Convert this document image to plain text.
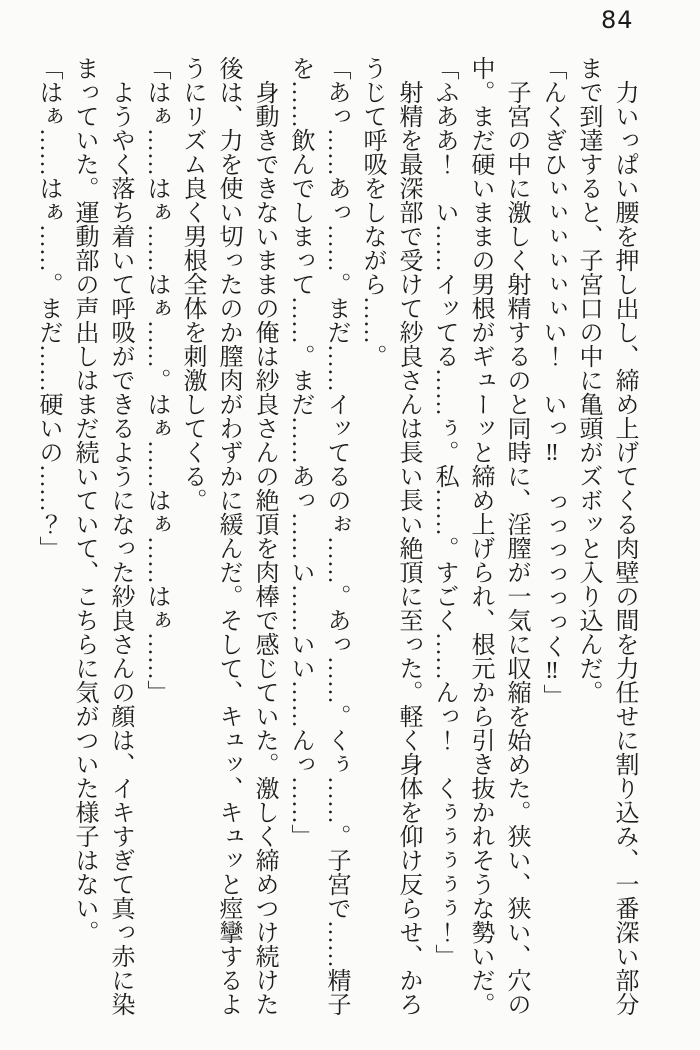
84
　力いっぱい腰を押し出し、締め上げてくる肉壁の間を力任せに割り込み、一番深い部分
まで到達すると、子宮口の中に亀頭がズボッと入り込んだ。
「んくぎひぃぃぃぃぃぃい！　いっ‼　っっっっっっく‼」
　子宮の中に激しく射精するのと同時に、淫膣が一気に収縮を始めた。狭い、狭い、穴の
中。まだ硬いままの男根がギューッと締め上げられ、根元から引き抜かれそうな勢いだ。
「ふああ！　い……イッてる……ぅ。私……。すごく……んっ！　くぅぅぅぅぅ！」
　射精を最深部で受けて紗良さんは長い長い絶頂に至った。軽く身体を仰け反らせ、かろ
うじて呼吸をしながら……。
「あっ……あっ……。まだ……イッてるのぉ……。あっ……。くぅ……。子宮で……精子
を……飲んでしまって……。まだ……あっ……い……いい……んっ……」
　身動きできないままの俺は紗良さんの絶頂を肉棒で感じていた。激しく締めつけ続けた
後は、力を使い切ったのか膣肉がわずかに緩んだ。そして、キュッ、キュッと痙攣するよ
うにリズム良く男根全体を刺激してくる。
「はぁ……はぁ……はぁ……。はぁ……はぁ……はぁ……」
　ようやく落ち着いて呼吸ができるようになった紗良さんの顔は、イキすぎて真っ赤に染
まっていた。運動部の声出しはまだ続いていて、こちらに気がついた様子はない。
「はぁ……はぁ……。まだ……硬いの……？」
